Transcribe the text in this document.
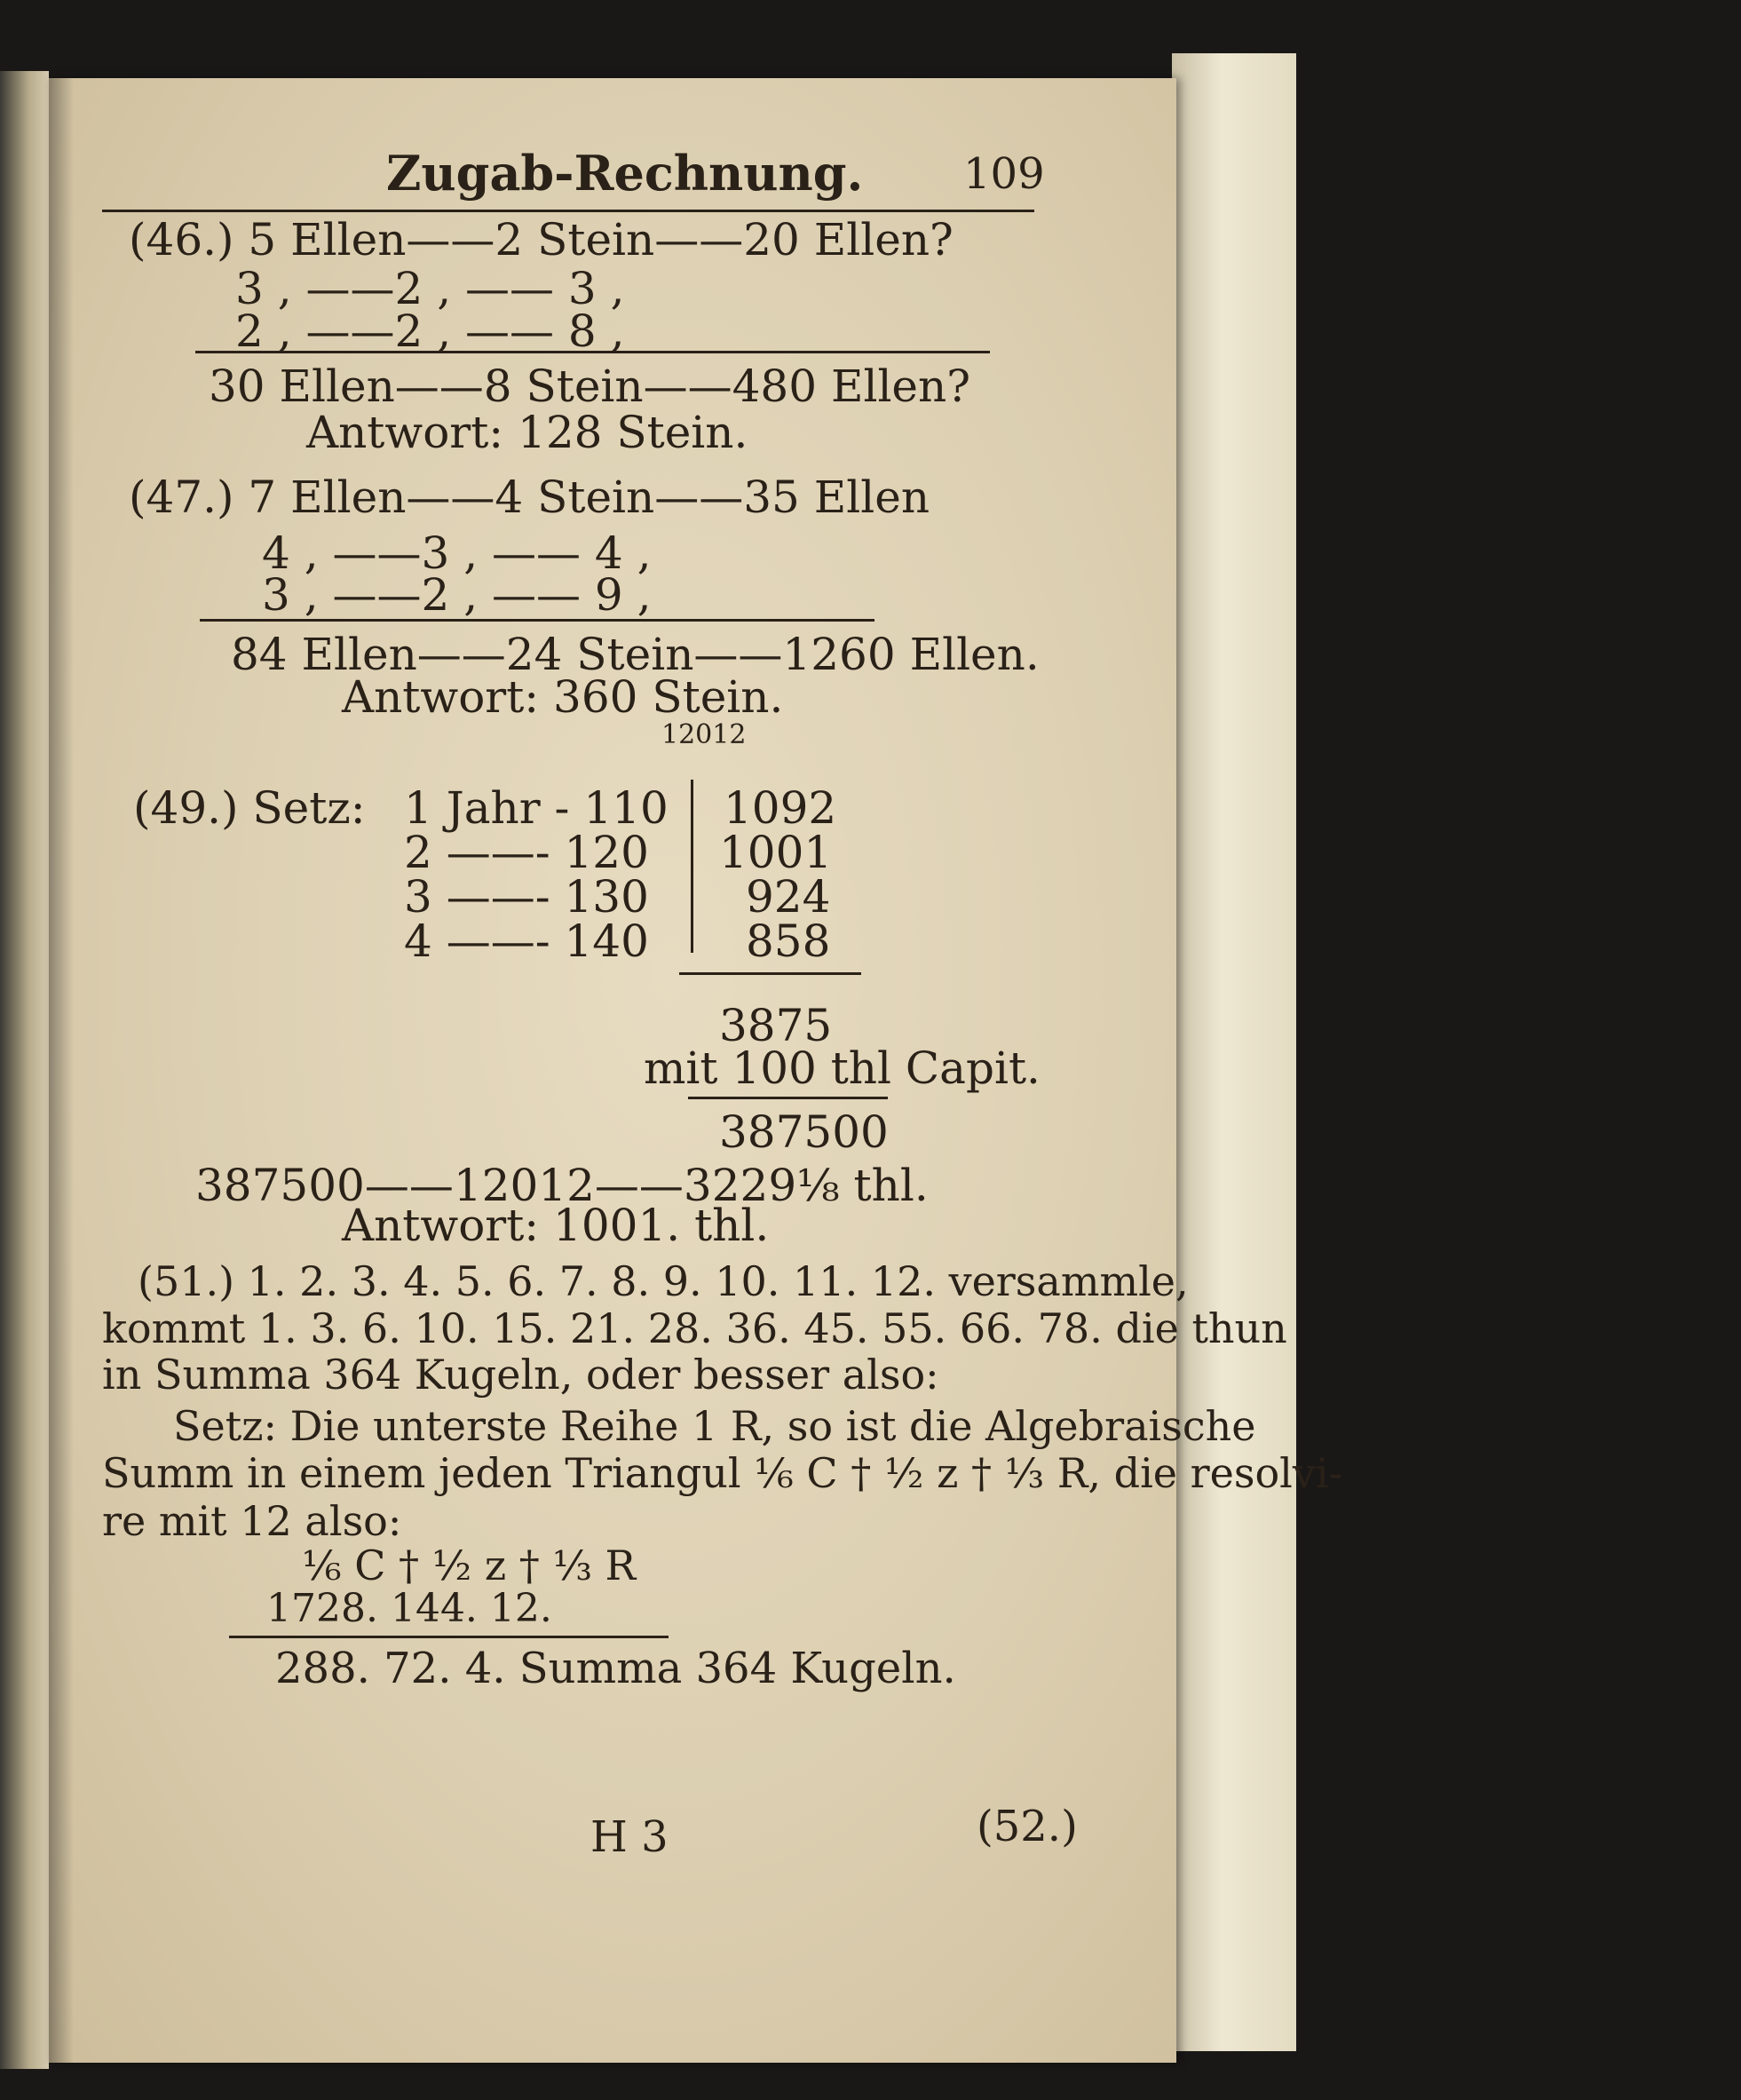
Zugab-Rechnung. 109
(46.) 5 Ellen——2 Stein——20 Ellen?
3 , ——2 , —— 3 ,
2 , ——2 , —— 8 ,
30 Ellen——8 Stein——480 Ellen?
Antwort: 128 Stein.
(47.) 7 Ellen——4 Stein——35 Ellen
4 , ——3 , —— 4 ,
3 , ——2 , —— 9 ,
84 Ellen——24 Stein——1260 Ellen.
Antwort: 360 Stein.
12012
(49.) Setz: 1 Jahr - 110 1092
2 ——- 120 1001
3 ——- 130 924
4 ——- 140 858
3875
mit 100 thl Capit.
387500
387500——12012——3229⅛ thl.
Antwort: 1001. thl.
(51.) 1. 2. 3. 4. 5. 6. 7. 8. 9. 10. 11. 12. versammle,
kommt 1. 3. 6. 10. 15. 21. 28. 36. 45. 55. 66. 78. die thun
in Summa 364 Kugeln, oder besser also:
Setz: Die unterste Reihe 1 R, so ist die Algebraische
Summ in einem jeden Triangul ⅙ C † ½ z † ⅓ R, die resolvi-
re mit 12 also:
⅙ C † ½ z † ⅓ R
1728. 144. 12.
288. 72. 4. Summa 364 Kugeln.
H 3	(52.)
